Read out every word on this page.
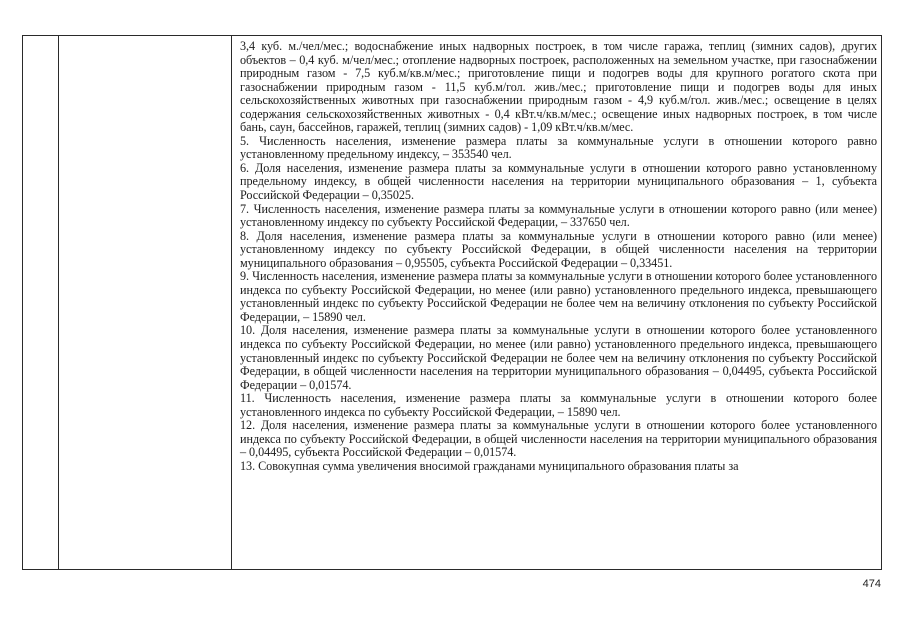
3,4 куб. м./чел/мес.; водоснабжение иных надворных построек, в том числе гаража, теплиц (зимних садов), других объектов – 0,4 куб. м/чел/мес.; отопление надворных построек, расположенных на земельном участке, при газоснабжении природным газом - 7,5 куб.м/кв.м/мес.; приготовление пищи и подогрев воды для крупного рогатого скота при газоснабжении природным газом - 11,5 куб.м/гол. жив./мес.; приготовление пищи и подогрев воды для иных сельскохозяйственных животных при газоснабжении природным газом - 4,9 куб.м/гол. жив./мес.; освещение в целях содержания сельскохозяйственных животных - 0,4 кВт.ч/кв.м/мес.; освещение иных надворных построек, в том числе бань, саун, бассейнов, гаражей, теплиц (зимних садов) - 1,09 кВт.ч/кв.м/мес.

5. Численность населения, изменение размера платы за коммунальные услуги в отношении которого равно установленному предельному индексу, – 353540 чел.

6. Доля населения, изменение размера платы за коммунальные услуги в отношении которого равно установленному предельному индексу, в общей численности населения на территории муниципального образования – 1, субъекта Российской Федерации – 0,35025.

7. Численность населения, изменение размера платы за коммунальные услуги в отношении которого равно (или менее) установленному индексу по субъекту Российской Федерации, – 337650 чел.

8. Доля населения, изменение размера платы за коммунальные услуги в отношении которого равно (или менее) установленному индексу по субъекту Российской Федерации, в общей численности населения на территории муниципального образования – 0,95505, субъекта Российской Федерации – 0,33451.

9. Численность населения, изменение размера платы за коммунальные услуги в отношении которого более установленного индекса по субъекту Российской Федерации, но менее (или равно) установленного предельного индекса, превышающего установленный индекс по субъекту Российской Федерации не более чем на величину отклонения по субъекту Российской Федерации, – 15890 чел.

10. Доля населения, изменение размера платы за коммунальные услуги в отношении которого более установленного индекса по субъекту Российской Федерации, но менее (или равно) установленного предельного индекса, превышающего установленный индекс по субъекту Российской Федерации не более чем на величину отклонения по субъекту Российской Федерации, в общей численности населения на территории муниципального образования – 0,04495, субъекта Российской Федерации – 0,01574.

11. Численность населения, изменение размера платы за коммунальные услуги в отношении которого более установленного индекса по субъекту Российской Федерации, – 15890 чел.

12. Доля населения, изменение размера платы за коммунальные услуги в отношении которого более установленного индекса по субъекту Российской Федерации, в общей численности населения на территории муниципального образования – 0,04495, субъекта Российской Федерации – 0,01574.

13. Совокупная сумма увеличения вносимой гражданами муниципального образования платы за

474
